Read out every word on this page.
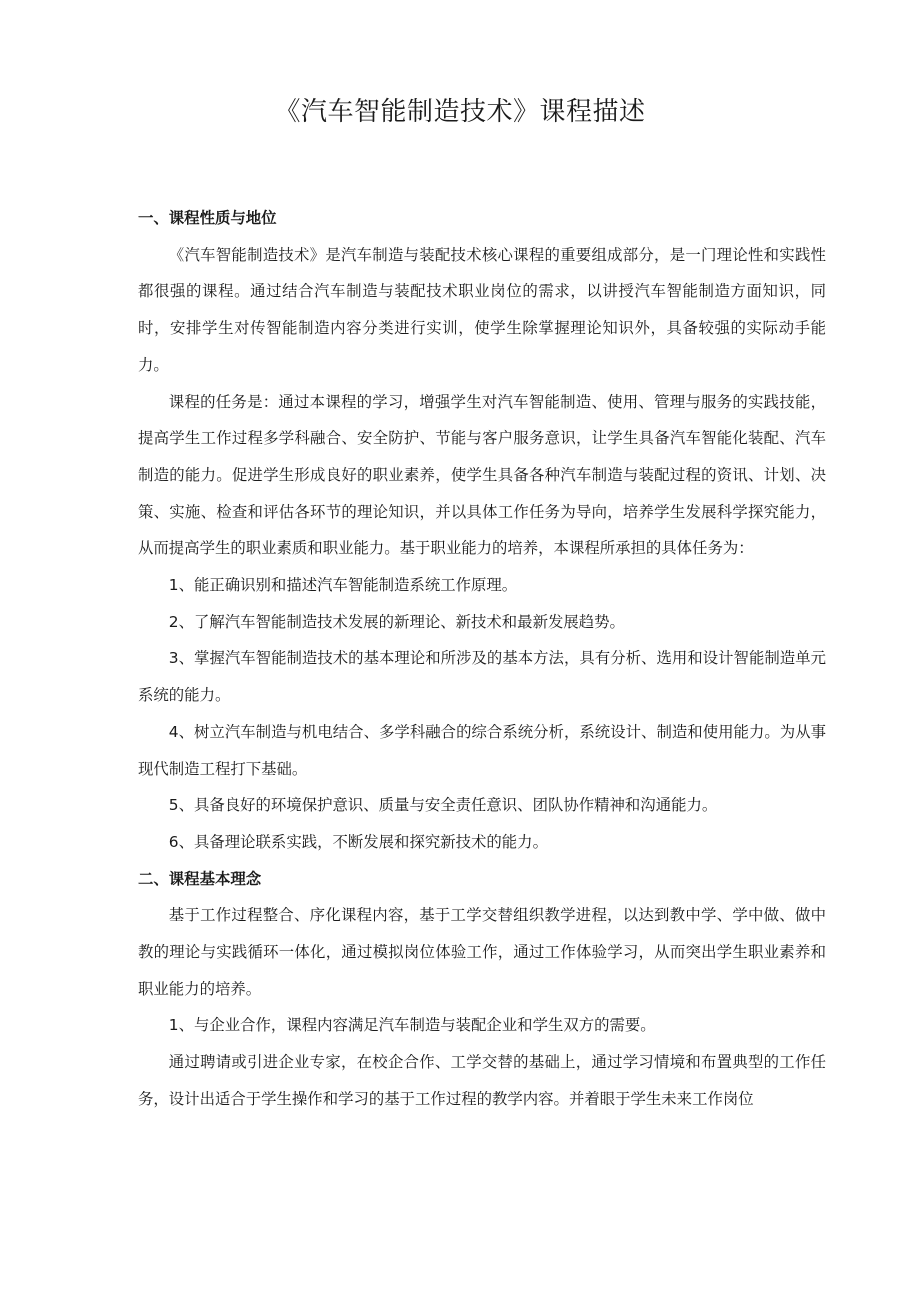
《汽车智能制造技术》课程描述

一、课程性质与地位

《汽车智能制造技术》是汽车制造与装配技术核心课程的重要组成部分，是一门理论性和实践性都很强的课程。通过结合汽车制造与装配技术职业岗位的需求，以讲授汽车智能制造方面知识，同时，安排学生对传智能制造内容分类进行实训，使学生除掌握理论知识外，具备较强的实际动手能力。

课程的任务是：通过本课程的学习，增强学生对汽车智能制造、使用、管理与服务的实践技能，提高学生工作过程多学科融合、安全防护、节能与客户服务意识，让学生具备汽车智能化装配、汽车制造的能力。促进学生形成良好的职业素养，使学生具备各种汽车制造与装配过程的资讯、计划、决策、实施、检查和评估各环节的理论知识，并以具体工作任务为导向，培养学生发展科学探究能力，从而提高学生的职业素质和职业能力。基于职业能力的培养，本课程所承担的具体任务为：

1、能正确识别和描述汽车智能制造系统工作原理。

2、了解汽车智能制造技术发展的新理论、新技术和最新发展趋势。

3、掌握汽车智能制造技术的基本理论和所涉及的基本方法，具有分析、选用和设计智能制造单元系统的能力。

4、树立汽车制造与机电结合、多学科融合的综合系统分析，系统设计、制造和使用能力。为从事现代制造工程打下基础。

5、具备良好的环境保护意识、质量与安全责任意识、团队协作精神和沟通能力。

6、具备理论联系实践，不断发展和探究新技术的能力。

二、课程基本理念

基于工作过程整合、序化课程内容，基于工学交替组织教学进程，以达到教中学、学中做、做中教的理论与实践循环一体化，通过模拟岗位体验工作，通过工作体验学习，从而突出学生职业素养和职业能力的培养。

1、与企业合作，课程内容满足汽车制造与装配企业和学生双方的需要。

通过聘请或引进企业专家，在校企合作、工学交替的基础上，通过学习情境和布置典型的工作任务，设计出适合于学生操作和学习的基于工作过程的教学内容。并着眼于学生未来工作岗位
